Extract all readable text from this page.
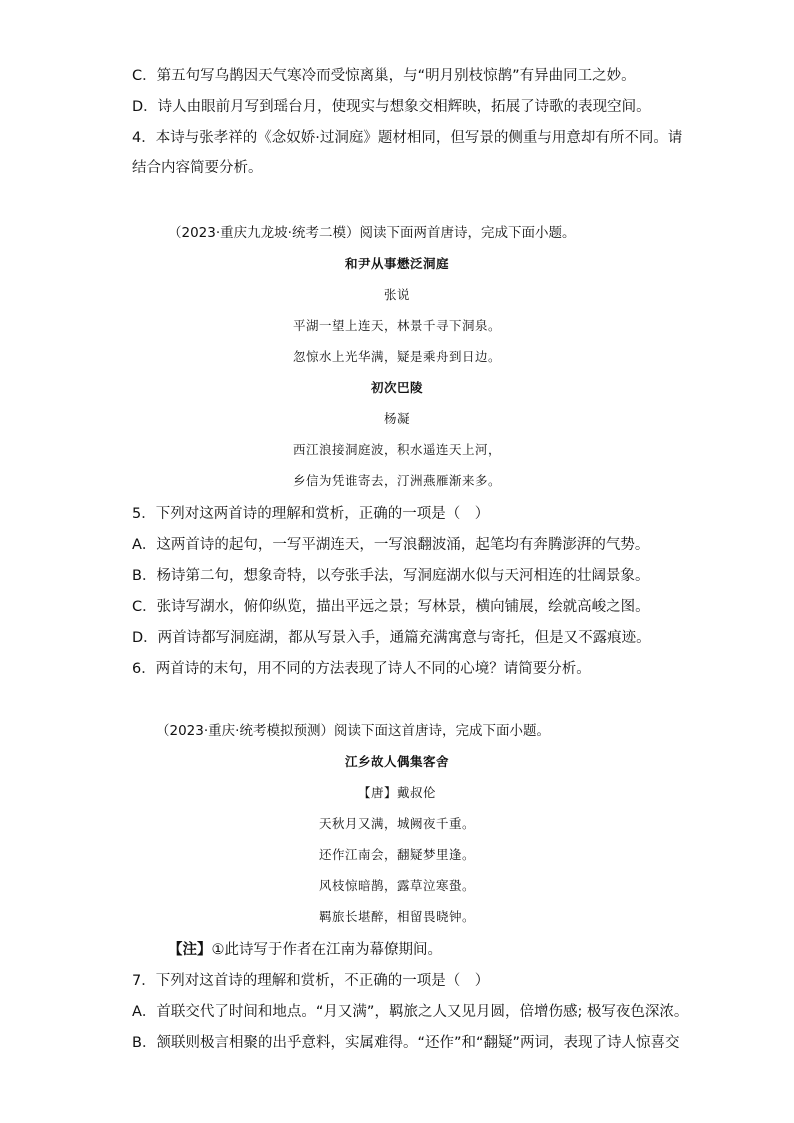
C．第五句写乌鹊因天气寒冷而受惊离巢，与“明月别枝惊鹊”有异曲同工之妙。
D．诗人由眼前月写到瑶台月，使现实与想象交相辉映，拓展了诗歌的表现空间。
4．本诗与张孝祥的《念奴娇·过洞庭》题材相同，但写景的侧重与用意却有所不同。请
结合内容简要分析。
（2023·重庆九龙坡·统考二模）阅读下面两首唐诗，完成下面小题。
和尹从事懋泛洞庭
张说
平湖一望上连天，林景千寻下洞泉。
忽惊水上光华满，疑是乘舟到日边。
初次巴陵
杨凝
西江浪接洞庭波，积水遥连天上河，
乡信为凭谁寄去，汀洲燕雁渐来多。
5．下列对这两首诗的理解和赏析，正确的一项是（　）
A．这两首诗的起句，一写平湖连天，一写浪翻波涌，起笔均有奔腾澎湃的气势。
B．杨诗第二句，想象奇特，以夸张手法，写洞庭湖水似与天河相连的壮阔景象。
C．张诗写湖水，俯仰纵览，描出平远之景；写林景，横向铺展，绘就高峻之图。
D．两首诗都写洞庭湖，都从写景入手，通篇充满寓意与寄托，但是又不露痕迹。
6．两首诗的末句，用不同的方法表现了诗人不同的心境？请简要分析。
（2023·重庆·统考模拟预测）阅读下面这首唐诗，完成下面小题。
江乡故人偶集客舍
【唐】戴叔伦
天秋月又满，城阙夜千重。
还作江南会，翻疑梦里逢。
风枝惊暗鹊，露草泣寒蛩。
羁旅长堪醉，相留畏晓钟。
【注】①此诗写于作者在江南为幕僚期间。
7．下列对这首诗的理解和赏析，不正确的一项是（　）
A．首联交代了时间和地点。“月又满”，羁旅之人又见月圆，倍增伤感; 极写夜色深浓。
B．颔联则极言相聚的出乎意料，实属难得。“还作”和“翻疑”两词，表现了诗人惊喜交
